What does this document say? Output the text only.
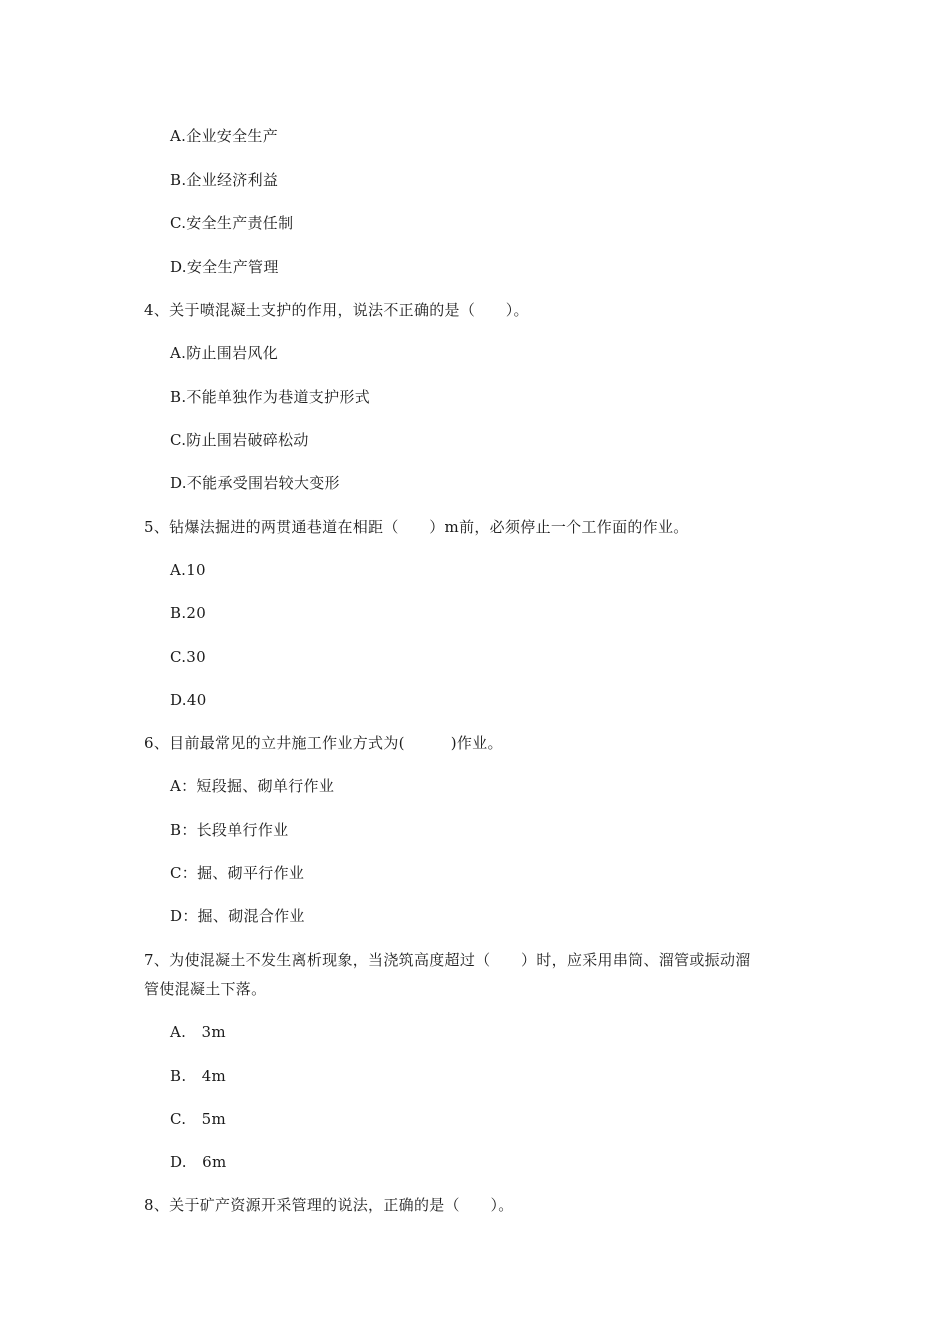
A.企业安全生产
B.企业经济利益
C.安全生产责任制
D.安全生产管理
4、关于喷混凝土支护的作用，说法不正确的是（　　）。
A.防止围岩风化
B.不能单独作为巷道支护形式
C.防止围岩破碎松动
D.不能承受围岩较大变形
5、钻爆法掘进的两贯通巷道在相距（　　）m前，必须停止一个工作面的作业。
A.10
B.20
C.30
D.40
6、目前最常见的立井施工作业方式为(　　　)作业。
A：短段掘、砌单行作业
B：长段单行作业
C：掘、砌平行作业
D：掘、砌混合作业
7、为使混凝土不发生离析现象，当浇筑高度超过（　　）时，应采用串筒、溜管或振动溜
管使混凝土下落。
A.　3m
B.　4m
C.　5m
D.　6m
8、关于矿产资源开采管理的说法，正确的是（　　）。
